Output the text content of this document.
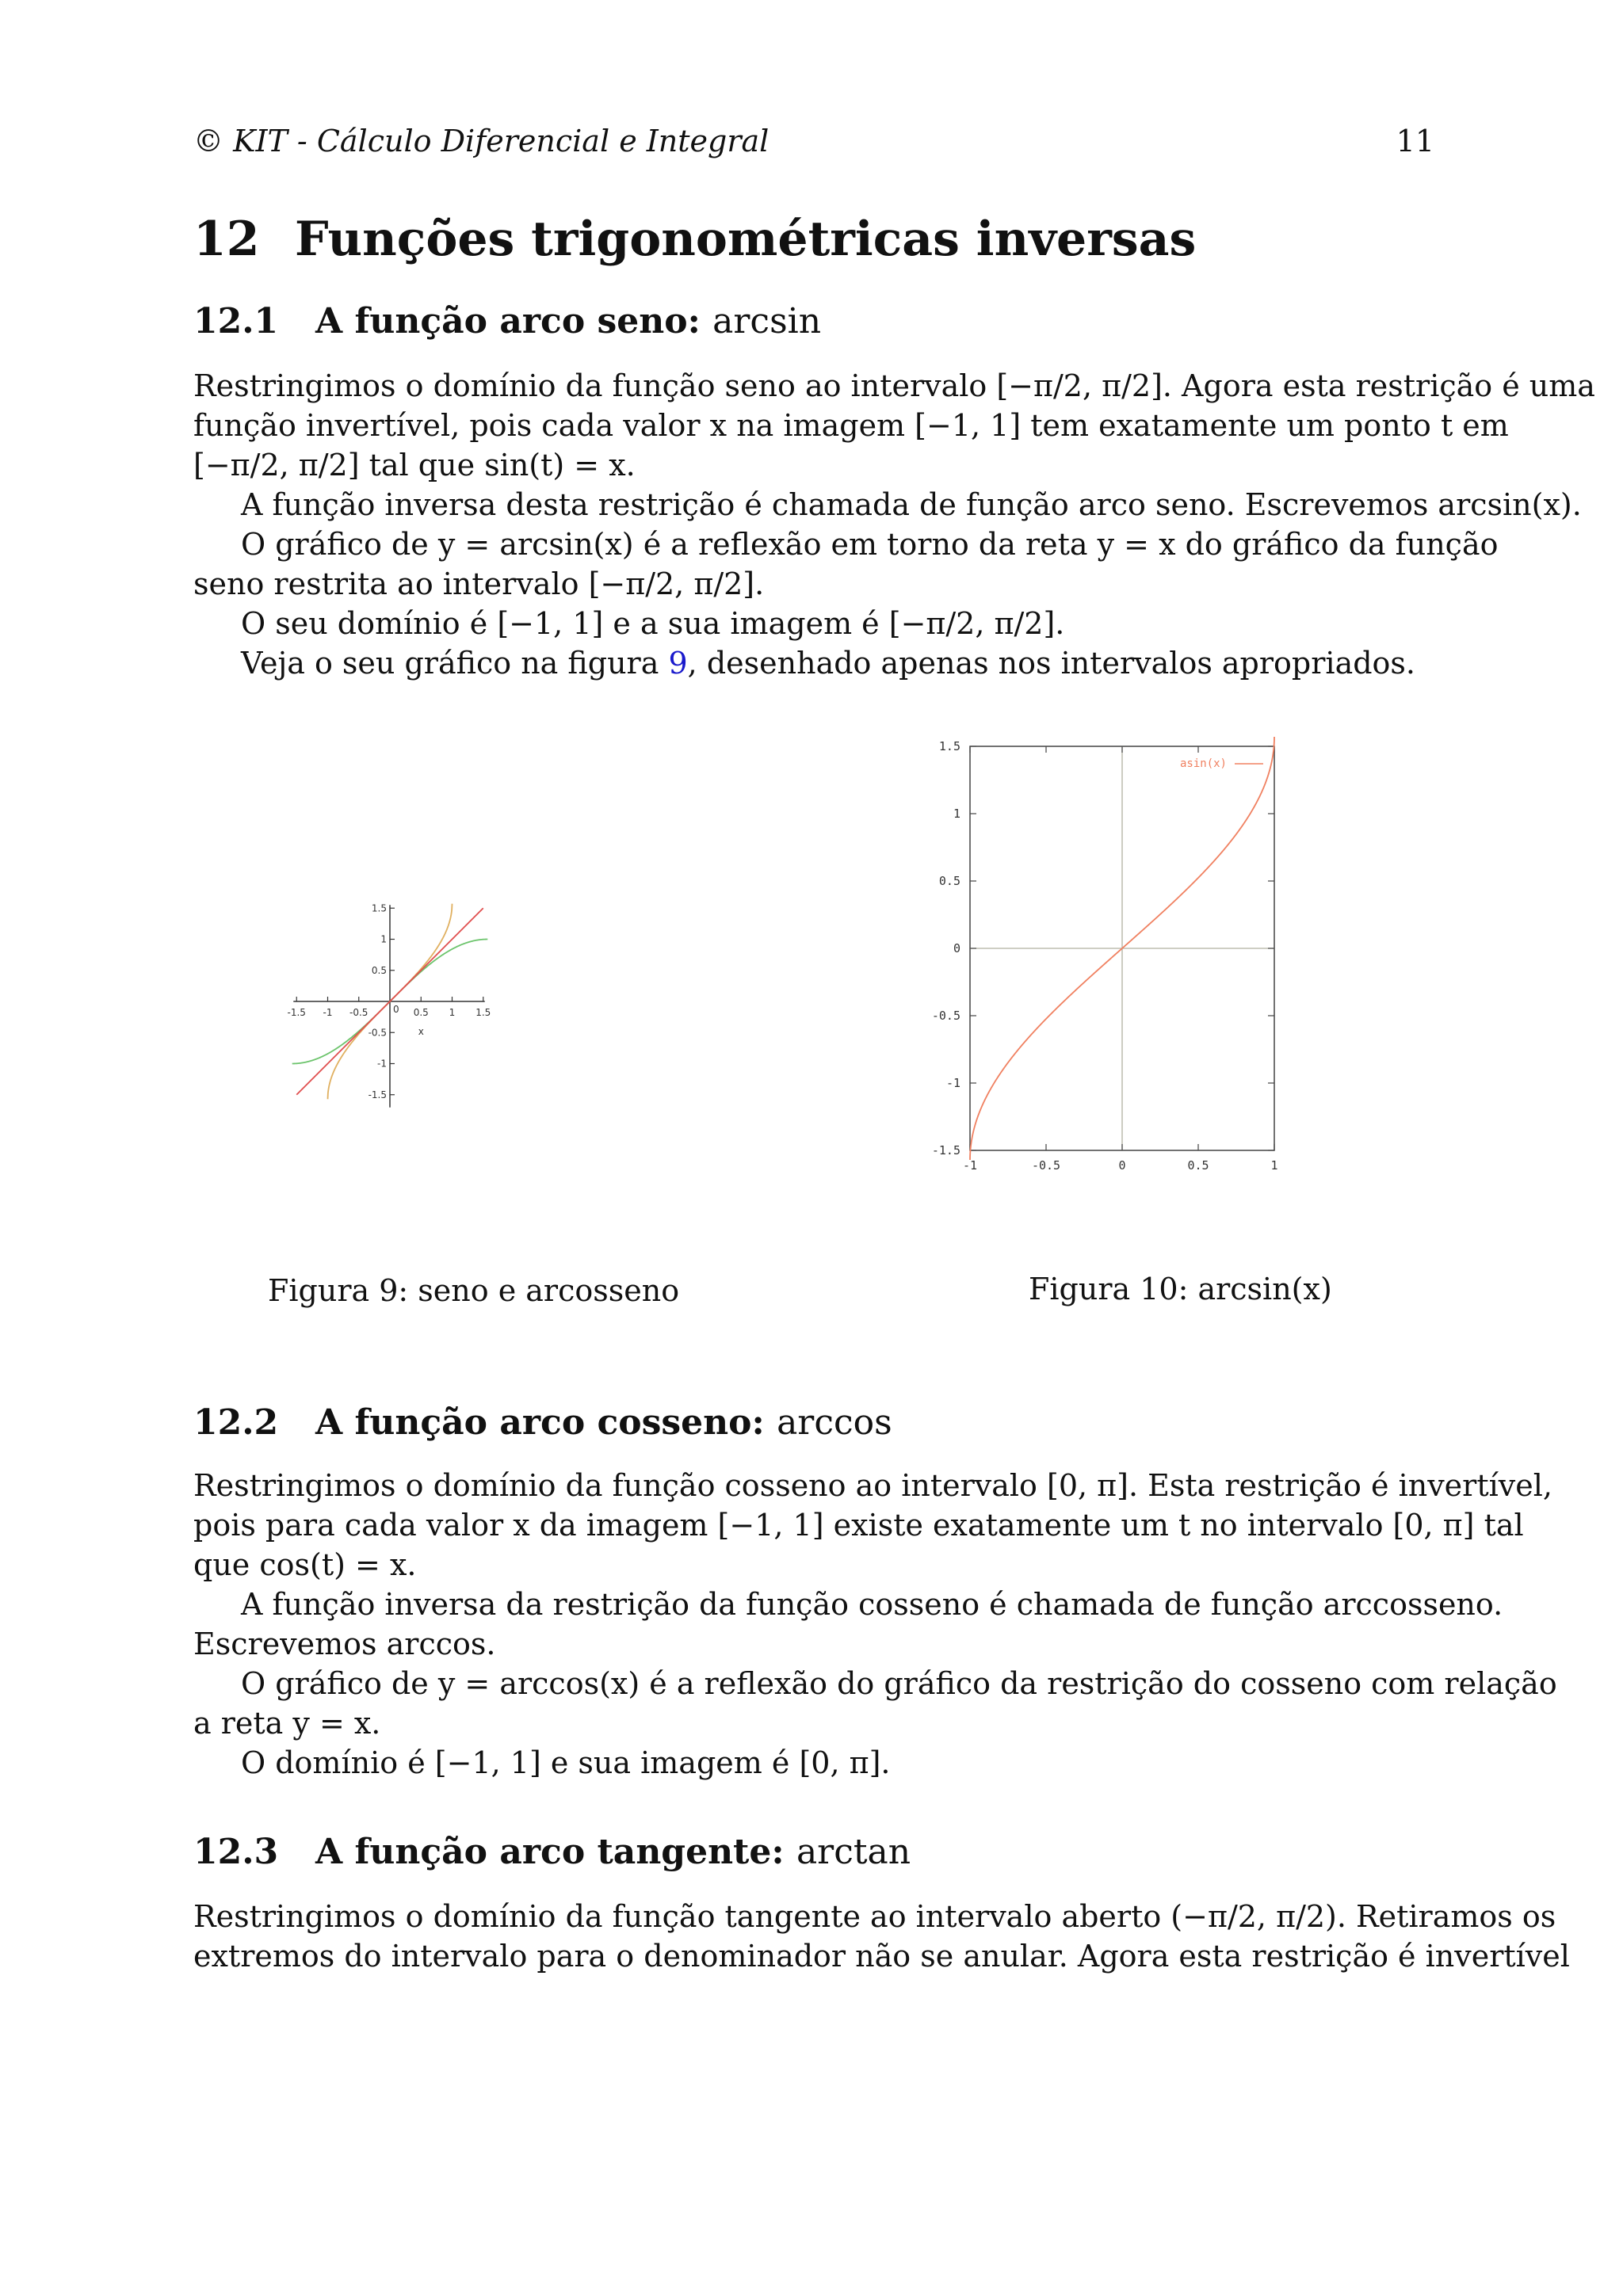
© KIT - Cálculo Diferencial e Integral	11
12 Funções trigonométricas inversas
12.1 A função arco seno: arcsin
Restringimos o domínio da função seno ao intervalo [−π/2, π/2]. Agora esta restrição é uma
função invertível, pois cada valor x na imagem [−1, 1] tem exatamente um ponto t em
[−π/2, π/2] tal que sin(t) = x.
A função inversa desta restrição é chamada de função arco seno. Escrevemos arcsin(x).
O gráfico de y = arcsin(x) é a reflexão em torno da reta y = x do gráfico da função
seno restrita ao intervalo [−π/2, π/2].
O seu domínio é [−1, 1] e a sua imagem é [−π/2, π/2].
Veja o seu gráfico na figura 9, desenhado apenas nos intervalos apropriados.
-1.5 -1 -0.5	0.5 1 1.5
0
1.5
1
0.5
-0.5
-1
-1.5
x
-1	-0.5	0	0.5	1
1.5
1
0.5
0
-0.5
-1
-1.5
asin(x)
Figura 9: seno e arcosseno	Figura 10: arcsin(x)
12.2 A função arco cosseno: arccos
Restringimos o domínio da função cosseno ao intervalo [0, π]. Esta restrição é invertível,
pois para cada valor x da imagem [−1, 1] existe exatamente um t no intervalo [0, π] tal
que cos(t) = x.
A função inversa da restrição da função cosseno é chamada de função arccosseno.
Escrevemos arccos.
O gráfico de y = arccos(x) é a reflexão do gráfico da restrição do cosseno com relação
a reta y = x.
O domínio é [−1, 1] e sua imagem é [0, π].
12.3 A função arco tangente: arctan
Restringimos o domínio da função tangente ao intervalo aberto (−π/2, π/2). Retiramos os
extremos do intervalo para o denominador não se anular. Agora esta restrição é invertível
